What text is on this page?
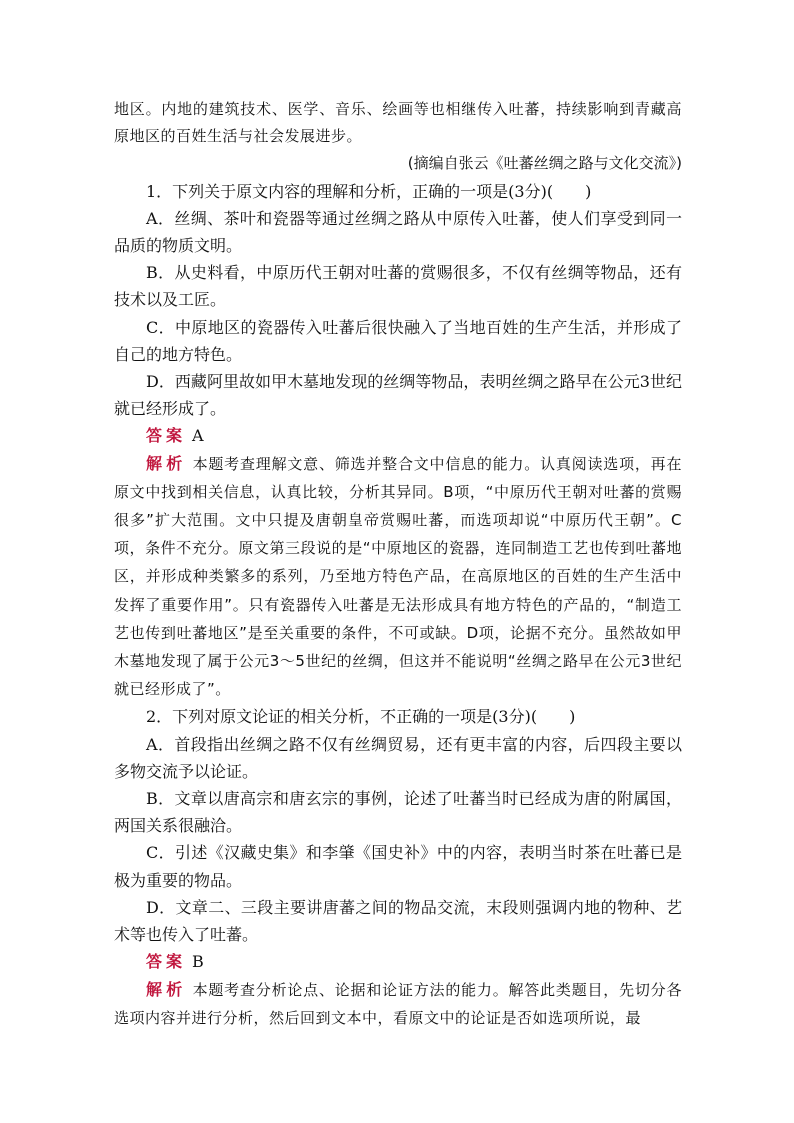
地区。内地的建筑技术、医学、音乐、绘画等也相继传入吐蕃，持续影响到青藏高原地区的百姓生活与社会发展进步。

(摘编自张云《吐蕃丝绸之路与文化交流》)

1．下列关于原文内容的理解和分析，正确的一项是(3分)(　　)

A．丝绸、茶叶和瓷器等通过丝绸之路从中原传入吐蕃，使人们享受到同一品质的物质文明。

B．从史料看，中原历代王朝对吐蕃的赏赐很多，不仅有丝绸等物品，还有技术以及工匠。

C．中原地区的瓷器传入吐蕃后很快融入了当地百姓的生产生活，并形成了自己的地方特色。

D．西藏阿里故如甲木墓地发现的丝绸等物品，表明丝绸之路早在公元3世纪就已经形成了。

答案 A

解析 本题考查理解文意、筛选并整合文中信息的能力。认真阅读选项，再在原文中找到相关信息，认真比较，分析其异同。B项，“中原历代王朝对吐蕃的赏赐很多”扩大范围。文中只提及唐朝皇帝赏赐吐蕃，而选项却说“中原历代王朝”。C项，条件不充分。原文第三段说的是“中原地区的瓷器，连同制造工艺也传到吐蕃地区，并形成种类繁多的系列，乃至地方特色产品，在高原地区的百姓的生产生活中发挥了重要作用”。只有瓷器传入吐蕃是无法形成具有地方特色的产品的，“制造工艺也传到吐蕃地区”是至关重要的条件，不可或缺。D项，论据不充分。虽然故如甲木墓地发现了属于公元3～5世纪的丝绸，但这并不能说明“丝绸之路早在公元3世纪就已经形成了”。

2．下列对原文论证的相关分析，不正确的一项是(3分)(　　)

A．首段指出丝绸之路不仅有丝绸贸易，还有更丰富的内容，后四段主要以多物交流予以论证。

B．文章以唐高宗和唐玄宗的事例，论述了吐蕃当时已经成为唐的附属国，两国关系很融洽。

C．引述《汉藏史集》和李肇《国史补》中的内容，表明当时茶在吐蕃已是极为重要的物品。

D．文章二、三段主要讲唐蕃之间的物品交流，末段则强调内地的物种、艺术等也传入了吐蕃。

答案 B

解析 本题考查分析论点、论据和论证方法的能力。解答此类题目，先切分各选项内容并进行分析，然后回到文本中，看原文中的论证是否如选项所说，最
